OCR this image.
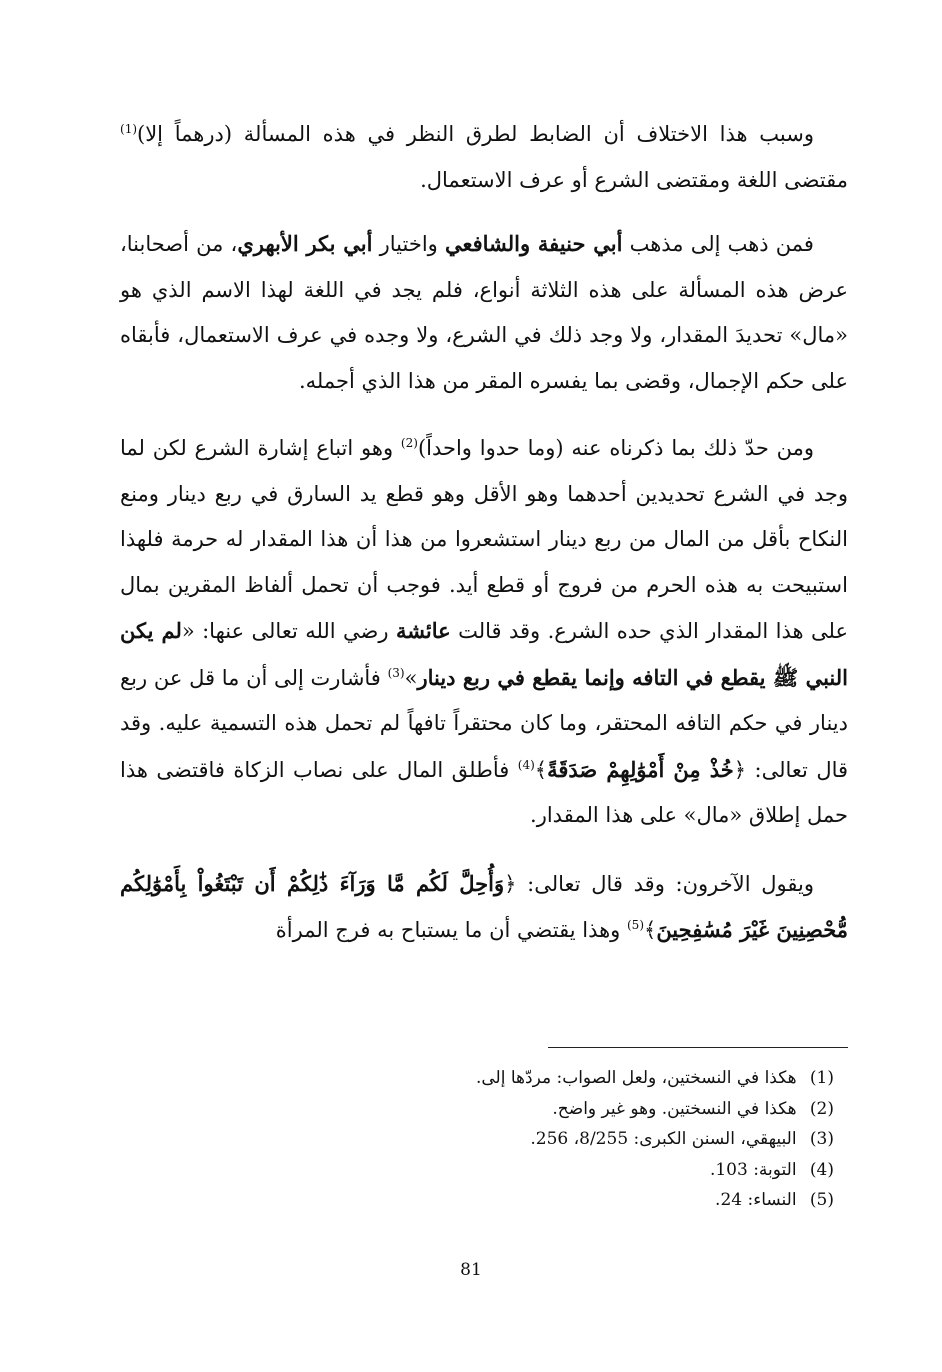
وسبب هذا الاختلاف أن الضابط لطرق النظر في هذه المسألة (درهماً إلا)$^{(1)}$ مقتضى اللغة ومقتضى الشرع أو عرف الاستعمال.

فمن ذهب إلى مذهب أبي حنيفة والشافعي واختيار أبي بكر الأبهري، من أصحابنا، عرض هذه المسألة على هذه الثلاثة أنواع، فلم يجد في اللغة لهذا الاسم الذي هو «مال» تحديدَ المقدار، ولا وجد ذلك في الشرع، ولا وجده في عرف الاستعمال، فأبقاه على حكم الإجمال، وقضى بما يفسره المقر من هذا الذي أجمله.

ومن حدّ ذلك بما ذكرناه عنه (وما حدوا واحداً)$^{(2)}$ وهو اتباع إشارة الشرع لكن لما وجد في الشرع تحديدين أحدهما وهو الأقل وهو قطع يد السارق في ربع دينار ومنع النكاح بأقل من المال من ربع دينار استشعروا من هذا أن هذا المقدار له حرمة فلهذا استبيحت به هذه الحرم من فروج أو قطع أيد. فوجب أن تحمل ألفاظ المقرين بمال على هذا المقدار الذي حده الشرع. وقد قالت عائشة رضي الله تعالى عنها: «لم يكن النبي ﷺ يقطع في التافه وإنما يقطع في ربع دينار»$^{(3)}$ فأشارت إلى أن ما قل عن ربع دينار في حكم التافه المحتقر، وما كان محتقراً تافهاً لم تحمل هذه التسمية عليه. وقد قال تعالى: ﴿خُذْ مِنْ أَمْوَٰلِهِمْ صَدَقَةً﴾$^{(4)}$ فأطلق المال على نصاب الزكاة فاقتضى هذا حمل إطلاق «مال» على هذا المقدار.

ويقول الآخرون: وقد قال تعالى: ﴿وَأُحِلَّ لَكُم مَّا وَرَآءَ ذَٰلِكُمْ أَن تَبْتَغُواْ بِأَمْوَٰلِكُم مُّحْصِنِينَ غَيْرَ مُسَٰفِحِينَ﴾$^{(5)}$ وهذا يقتضي أن ما يستباح به فرج المرأة

(1) هكذا في النسختين، ولعل الصواب: مردّها إلى.
(2) هكذا في النسختين. وهو غير واضح.
(3) البيهقي، السنن الكبرى: 8/255، 256.
(4) التوبة: 103.
(5) النساء: 24.
81
